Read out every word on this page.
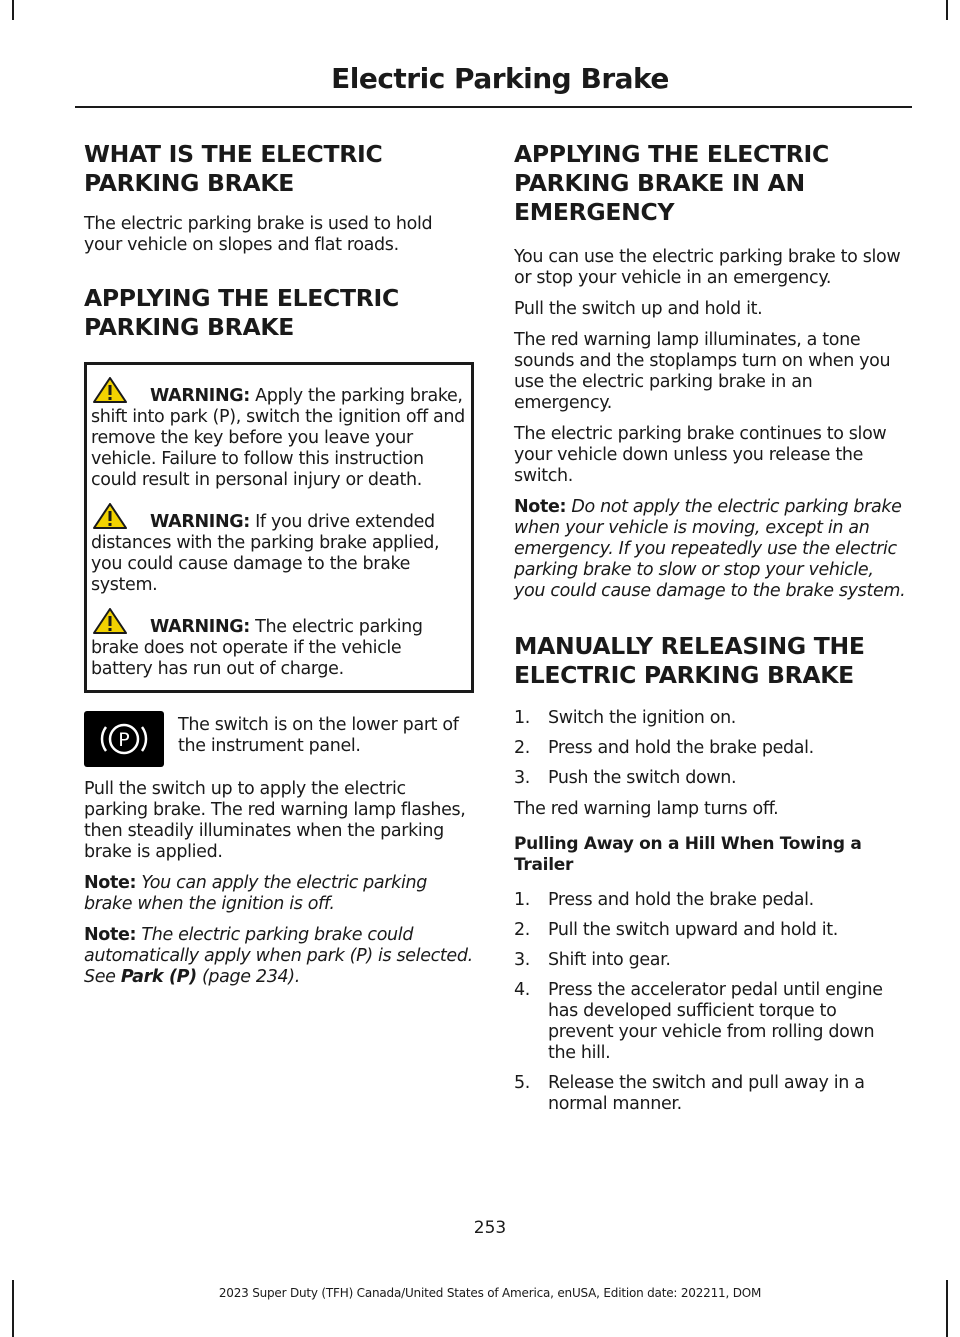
Electric Parking Brake
WHAT IS THE ELECTRIC
PARKING BRAKE

The electric parking brake is used to hold your vehicle on slopes and flat roads.

APPLYING THE ELECTRIC
PARKING BRAKE
WARNING: Apply the parking brake, shift into park (P), switch the ignition off and remove the key before you leave your vehicle. Failure to follow this instruction could result in personal injury or death.
WARNING: If you drive extended distances with the parking brake applied, you could cause damage to the brake system.
WARNING: The electric parking brake does not operate if the vehicle battery has run out of charge.
P

The switch is on the lower part of the instrument panel.

Pull the switch up to apply the electric parking brake. The red warning lamp flashes, then steadily illuminates when the parking brake is applied.

Note: You can apply the electric parking brake when the ignition is off.

Note: The electric parking brake could automatically apply when park (P) is selected. See Park (P) (page 234).

APPLYING THE ELECTRIC
PARKING BRAKE IN AN
EMERGENCY

You can use the electric parking brake to slow or stop your vehicle in an emergency.

Pull the switch up and hold it.

The red warning lamp illuminates, a tone sounds and the stoplamps turn on when you use the electric parking brake in an emergency.

The electric parking brake continues to slow your vehicle down unless you release the switch.

Note: Do not apply the electric parking brake when your vehicle is moving, except in an emergency. If you repeatedly use the electric parking brake to slow or stop your vehicle, you could cause damage to the brake system.

MANUALLY RELEASING THE
ELECTRIC PARKING BRAKE
1. Switch the ignition on.
2. Press and hold the brake pedal.
3. Push the switch down.

The red warning lamp turns off.

Pulling Away on a Hill When Towing a Trailer
1. Press and hold the brake pedal.
2. Pull the switch upward and hold it.
3. Shift into gear.
4. Press the accelerator pedal until engine has developed sufficient torque to prevent your vehicle from rolling down the hill.
5. Release the switch and pull away in a normal manner.
253
2023 Super Duty (TFH) Canada/United States of America, enUSA, Edition date: 202211, DOM
